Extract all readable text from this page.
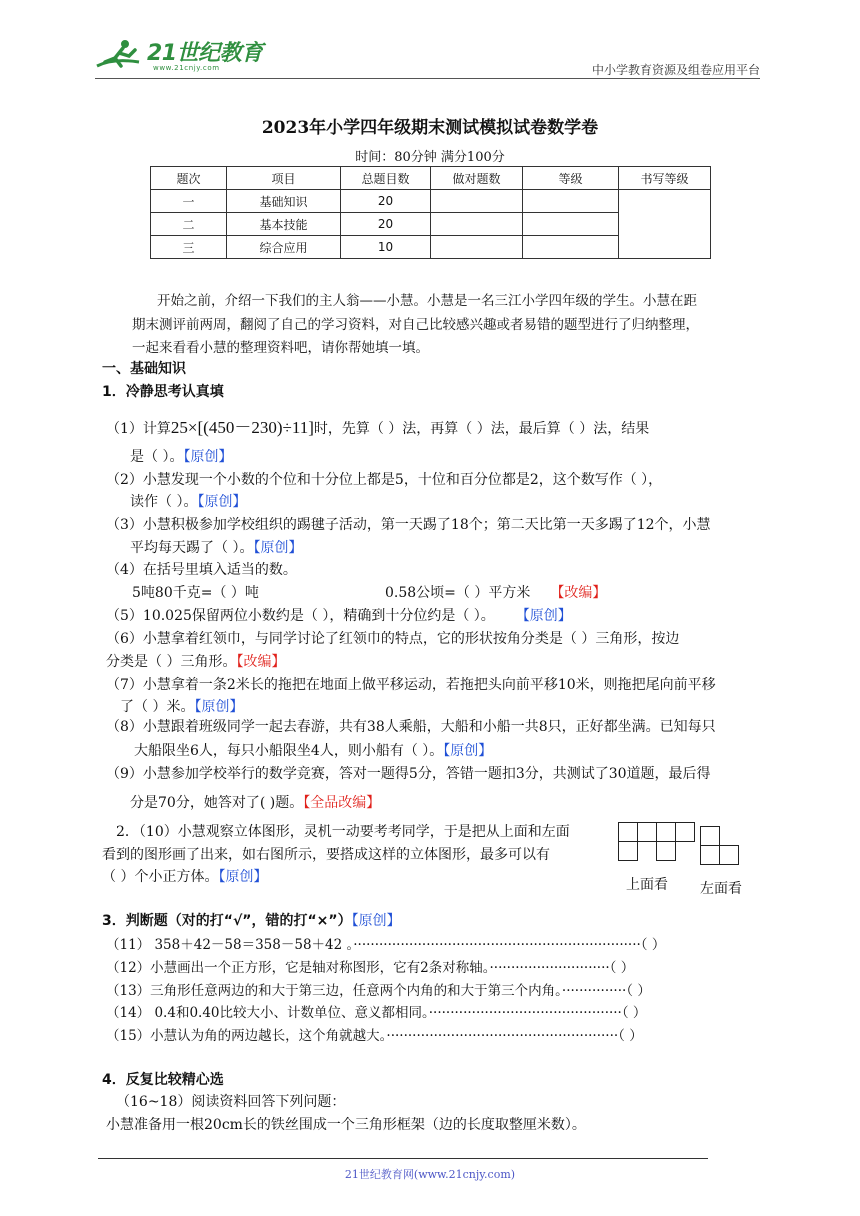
21世纪教育
www.21cnjy.com	中小学教育资源及组卷应用平台
2023年小学四年级期末测试模拟试卷数学卷
时间：80分钟 满分100分
题次	项目	总题目数	做对题数	等级	书写等级
一	基础知识	20			
二	基本技能	20			
三	综合应用	10			
开始之前，介绍一下我们的主人翁——小慧。小慧是一名三江小学四年级的学生。小慧在距
期末测评前两周，翻阅了自己的学习资料，对自己比较感兴趣或者易错的题型进行了归纳整理，
一起来看看小慧的整理资料吧，请你帮她填一填。
一、基础知识
1．冷静思考认真填
（1）计算25×[(450－230)÷11]时，先算（ ）法，再算（ ）法，最后算（ ）法，结果
是（ ）。【原创】
（2）小慧发现一个小数的个位和十分位上都是5，十位和百分位都是2，这个数写作（ ），
读作（ ）。【原创】
（3）小慧积极参加学校组织的踢毽子活动，第一天踢了18个；第二天比第一天多踢了12个，小慧
平均每天踢了（ ）。【原创】
（4）在括号里填入适当的数。
5吨80千克=（ ）吨	0.58公顷=（ ）平方米 【改编】
（5）10.025保留两位小数约是（ ），精确到十分位约是（ ）。 【原创】
（6）小慧拿着红领巾，与同学讨论了红领巾的特点，它的形状按角分类是（ ）三角形，按边
分类是（ ）三角形。【改编】
（7）小慧拿着一条2米长的拖把在地面上做平移运动，若拖把头向前平移10米，则拖把尾向前平移
了（ ）米。【原创】
（8）小慧跟着班级同学一起去春游，共有38人乘船，大船和小船一共8只，正好都坐满。已知每只
大船限坐6人，每只小船限坐4人，则小船有（ ）。【原创】
（9）小慧参加学校举行的数学竞赛，答对一题得5分，答错一题扣3分，共测试了30道题，最后得
分是70分，她答对了( )题。【全品改编】
2．（10）小慧观察立体图形，灵机一动要考考同学，于是把从上面和左面
看到的图形画了出来，如右图所示，要搭成这样的立体图形，最多可以有
（ ）个小正方体。【原创】	上面看 左面看
3．判断题（对的打“√”，错的打“×”）【原创】
（11） 358＋42－58＝358－58＋42 。···································································（ ）
（12）小慧画出一个正方形，它是轴对称图形，它有2条对称轴。····························（ ）
（13）三角形任意两边的和大于第三边，任意两个内角的和大于第三个内角。···············（ ）
（14） 0.4和0.40比较大小、计数单位、意义都相同。·············································（ ）
（15）小慧认为角的两边越长，这个角就越大。······················································（ ）
4．反复比较精心选
（16~18）阅读资料回答下列问题：
小慧准备用一根20cm长的铁丝围成一个三角形框架（边的长度取整厘米数）。
21世纪教育网(www.21cnjy.com)
